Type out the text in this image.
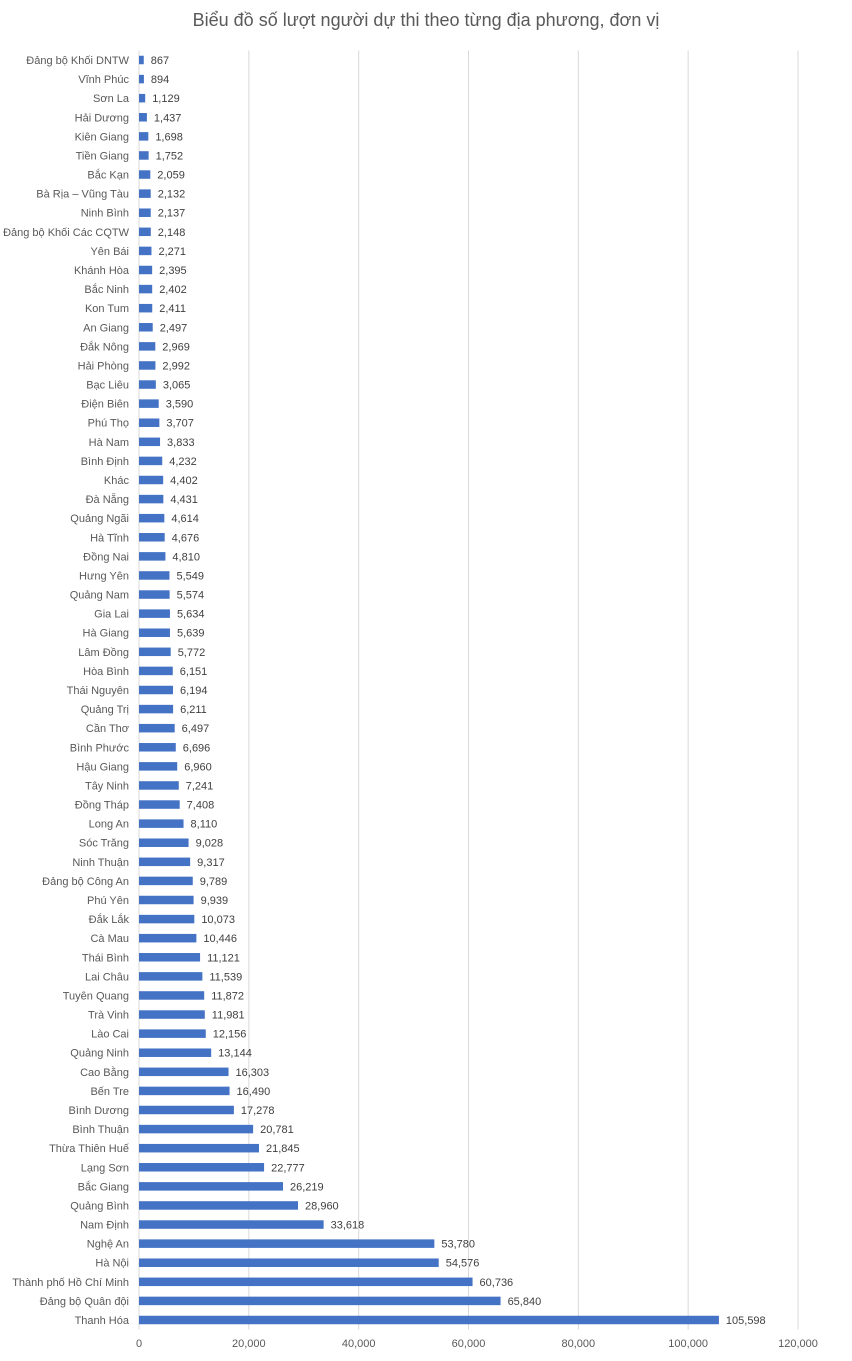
Biểu đồ số lượt người dự thi theo từng địa phương, đơn vị
867
894
1,129
1,437
1,698
1,752
2,059
2,132
2,137
2,148
2,271
2,395
2,402
2,411
2,497
2,969
2,992
3,065
3,590
3,707
3,833
4,232
4,402
4,431
4,614
4,676
4,810
5,549
5,574
5,634
5,639
5,772
6,151
6,194
6,211
6,497
6,696
6,960
7,241
7,408
8,110
9,028
9,317
9,789
9,939
10,073
10,446
11,121
11,539
11,872
11,981
12,156
13,144
16,303
16,490
17,278
20,781
21,845
22,777
26,219
28,960
33,618
53,780
54,576
60,736
65,840
105,598
Đảng bộ Khối DNTW
Vĩnh Phúc
Sơn La
Hải Dương
Kiên Giang
Tiền Giang
Bắc Kạn
Bà Rịa – Vũng Tàu
Ninh Bình
Đảng bộ Khối Các CQTW
Yên Bái
Khánh Hòa
Bắc Ninh
Kon Tum
An Giang
Đắk Nông
Hải Phòng
Bạc Liêu
Điện Biên
Phú Thọ
Hà Nam
Bình Định
Khác
Đà Nẵng
Quảng Ngãi
Hà Tĩnh
Đồng Nai
Hưng Yên
Quảng Nam
Gia Lai
Hà Giang
Lâm Đồng
Hòa Bình
Thái Nguyên
Quảng Trị
Cần Thơ
Bình Phước
Hậu Giang
Tây Ninh
Đồng Tháp
Long An
Sóc Trăng
Ninh Thuận
Đảng bộ Công An
Phú Yên
Đắk Lắk
Cà Mau
Thái Bình
Lai Châu
Tuyên Quang
Trà Vinh
Lào Cai
Quảng Ninh
Cao Bằng
Bến Tre
Bình Dương
Bình Thuận
Thừa Thiên Huế
Lạng Sơn
Bắc Giang
Quảng Bình
Nam Định
Nghệ An
Hà Nội
Thành phố Hồ Chí Minh
Đảng bộ Quân đội
Thanh Hóa
0	20,000	40,000	60,000	80,000	100,000	120,000
